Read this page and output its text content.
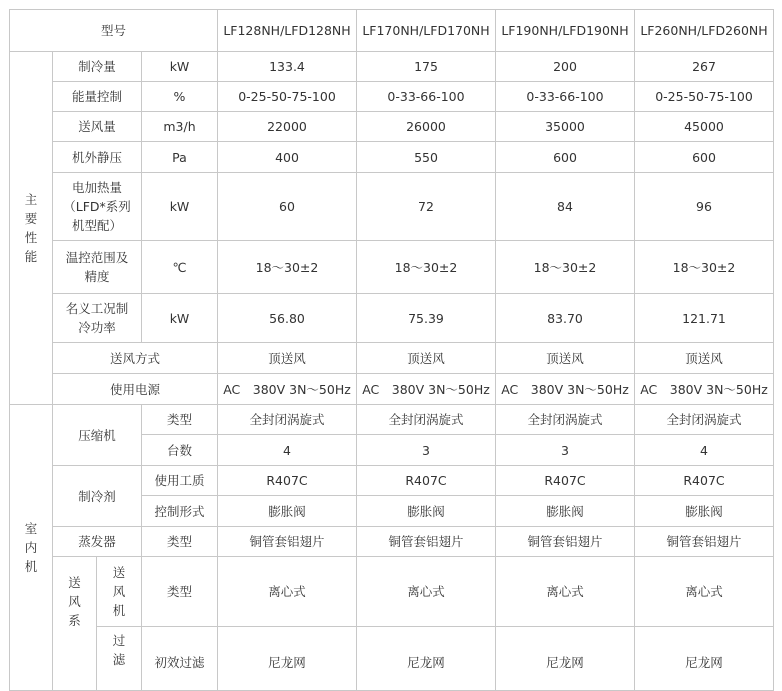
型号				LF128NH/LFD128NH	LF170NH/LFD170NH	LF190NH/LFD190NH	LF260NH/LFD260NH
主
要
性
能	制冷量		kW	133.4	175	200	267
	能量控制		%	0-25-50-75-100	0-33-66-100	0-33-66-100	0-25-50-75-100
	送风量		m3/h	22000	26000	35000	45000
	机外静压		Pa	400	550	600	600
	电加热量
（LFD*系列
机型配）		kW	60	72	84	96
	温控范围及
精度		℃	18～30±2	18～30±2	18～30±2	18～30±2
	名义工况制
冷功率		kW	56.80	75.39	83.70	121.71
	送风方式			顶送风	顶送风	顶送风	顶送风
	使用电源			AC　380V 3N～50Hz	AC　380V 3N～50Hz	AC　380V 3N～50Hz	AC　380V 3N～50Hz
室
内
机	压缩机		类型	全封闭涡旋式	全封闭涡旋式	全封闭涡旋式	全封闭涡旋式
			台数	4	3	3	4
	制冷剂		使用工质	R407C	R407C	R407C	R407C
			控制形式	膨胀阀	膨胀阀	膨胀阀	膨胀阀
	蒸发器		类型	铜管套铝翅片	铜管套铝翅片	铜管套铝翅片	铜管套铝翅片
	送
风
系	送
风
机	类型	离心式	离心式	离心式	离心式
		过
滤	初效过滤	尼龙网	尼龙网	尼龙网	尼龙网
